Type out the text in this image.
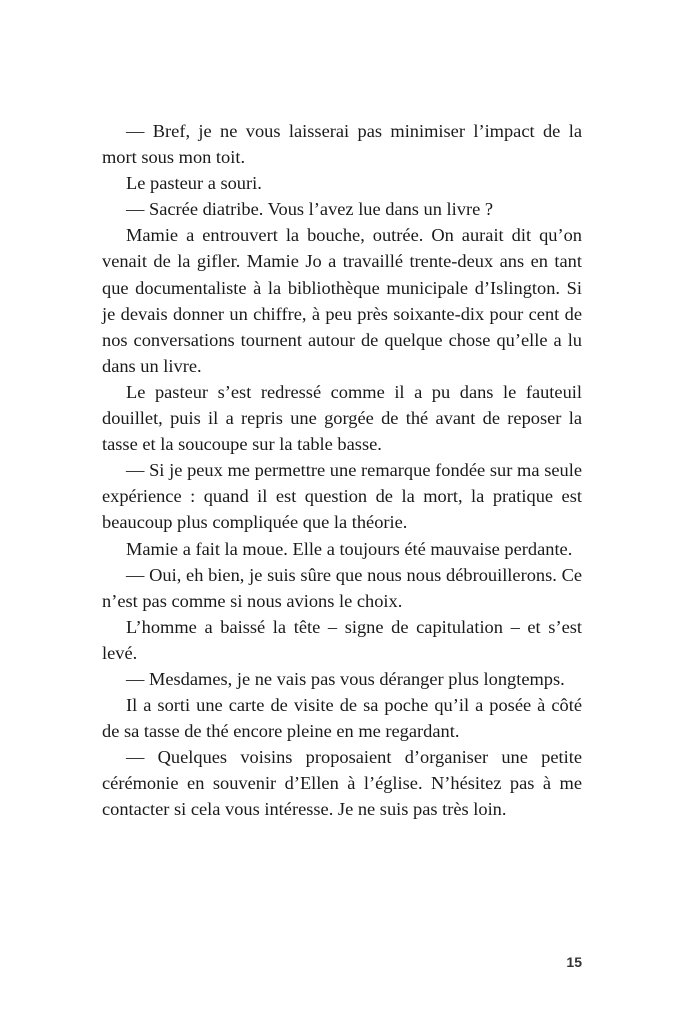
— Bref, je ne vous laisserai pas minimiser l’impact de la mort sous mon toit.

Le pasteur a souri.

— Sacrée diatribe. Vous l’avez lue dans un livre ?

Mamie a entrouvert la bouche, outrée. On aurait dit qu’on venait de la gifler. Mamie Jo a travaillé trente-deux ans en tant que documentaliste à la bibliothèque municipale d’Islington. Si je devais donner un chiffre, à peu près soixante-dix pour cent de nos conversations tournent autour de quelque chose qu’elle a lu dans un livre.

Le pasteur s’est redressé comme il a pu dans le fauteuil douillet, puis il a repris une gorgée de thé avant de reposer la tasse et la soucoupe sur la table basse.

— Si je peux me permettre une remarque fondée sur ma seule expérience : quand il est question de la mort, la pratique est beaucoup plus compliquée que la théorie.

Mamie a fait la moue. Elle a toujours été mauvaise perdante.

— Oui, eh bien, je suis sûre que nous nous débrouillerons. Ce n’est pas comme si nous avions le choix.

L’homme a baissé la tête – signe de capitulation – et s’est levé.

— Mesdames, je ne vais pas vous déranger plus longtemps.

Il a sorti une carte de visite de sa poche qu’il a posée à côté de sa tasse de thé encore pleine en me regardant.

— Quelques voisins proposaient d’organiser une petite cérémonie en souvenir d’Ellen à l’église. N’hésitez pas à me contacter si cela vous intéresse. Je ne suis pas très loin.

15
